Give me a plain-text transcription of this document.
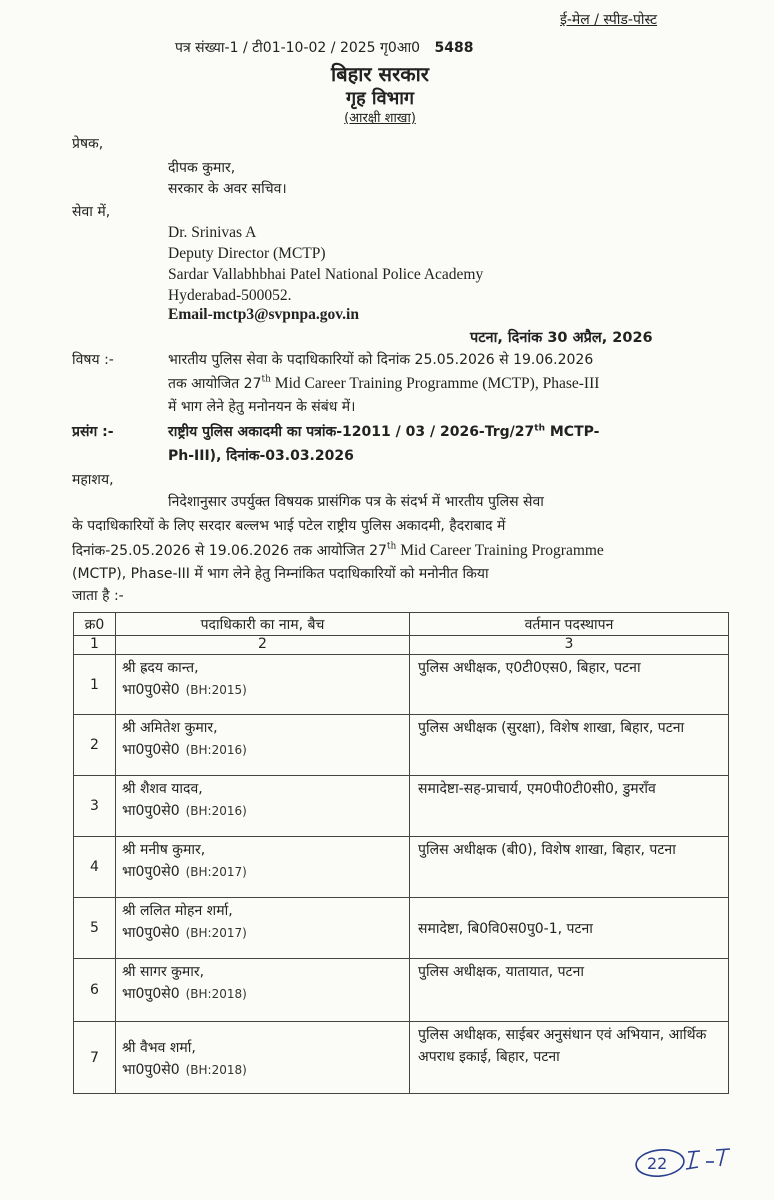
ई-मेल / स्पीड-पोस्ट
पत्र संख्या-1 / टी01-10-02 / 2025 गृ0आ0 5488
बिहार सरकार
गृह विभाग
(आरक्षी शाखा)
प्रेषक,
दीपक कुमार,
सरकार के अवर सचिव।
सेवा में,
Dr. Srinivas A
Deputy Director (MCTP)
Sardar Vallabhbhai Patel National Police Academy
Hyderabad-500052.
Email-mctp3@svpnpa.gov.in
पटना, दिनांक 30 अप्रैल, 2026
विषय :-	भारतीय पुलिस सेवा के पदाधिकारियों को दिनांक 25.05.2026 से 19.06.2026
तक आयोजित 27th Mid Career Training Programme (MCTP), Phase-III
में भाग लेने हेतु मनोनयन के संबंध में।
प्रसंग :-	राष्ट्रीय पुलिस अकादमी का पत्रांक-12011 / 03 / 2026-Trg/27th MCTP-
Ph-III), दिनांक-03.03.2026
महाशय,
निदेशानुसार उपर्युक्त विषयक प्रासंगिक पत्र के संदर्भ में भारतीय पुलिस सेवा
के पदाधिकारियों के लिए सरदार बल्लभ भाई पटेल राष्ट्रीय पुलिस अकादमी, हैदराबाद में
दिनांक-25.05.2026 से 19.06.2026 तक आयोजित 27th Mid Career Training Programme
(MCTP), Phase-III में भाग लेने हेतु निम्नांकित पदाधिकारियों को मनोनीत किया
जाता है :-
क्र0	पदाधिकारी का नाम, बैच	वर्तमान पदस्थापन
1	2	3
1	श्री ह्रदय कान्त,
भा0पु0से0 (BH:2015)	पुलिस अधीक्षक, ए0टी0एस0, बिहार, पटना
2	श्री अमितेश कुमार,
भा0पु0से0 (BH:2016)	पुलिस अधीक्षक (सुरक्षा), विशेष शाखा, बिहार, पटना
3	श्री शैशव यादव,
भा0पु0से0 (BH:2016)	समादेष्टा-सह-प्राचार्य, एम0पी0टी0सी0, डुमराँव
4	श्री मनीष कुमार,
भा0पु0से0 (BH:2017)	पुलिस अधीक्षक (बी0), विशेष शाखा, बिहार, पटना
5	श्री ललित मोहन शर्मा,
भा0पु0से0 (BH:2017)	समादेष्टा, बि0वि0स0पु0-1, पटना
6	श्री सागर कुमार,
भा0पु0से0 (BH:2018)	पुलिस अधीक्षक, यातायात, पटना
7	श्री वैभव शर्मा,
भा0पु0से0 (BH:2018)	पुलिस अधीक्षक, साईबर अनुसंधान एवं अभियान, आर्थिक अपराध इकाई, बिहार, पटना
22
